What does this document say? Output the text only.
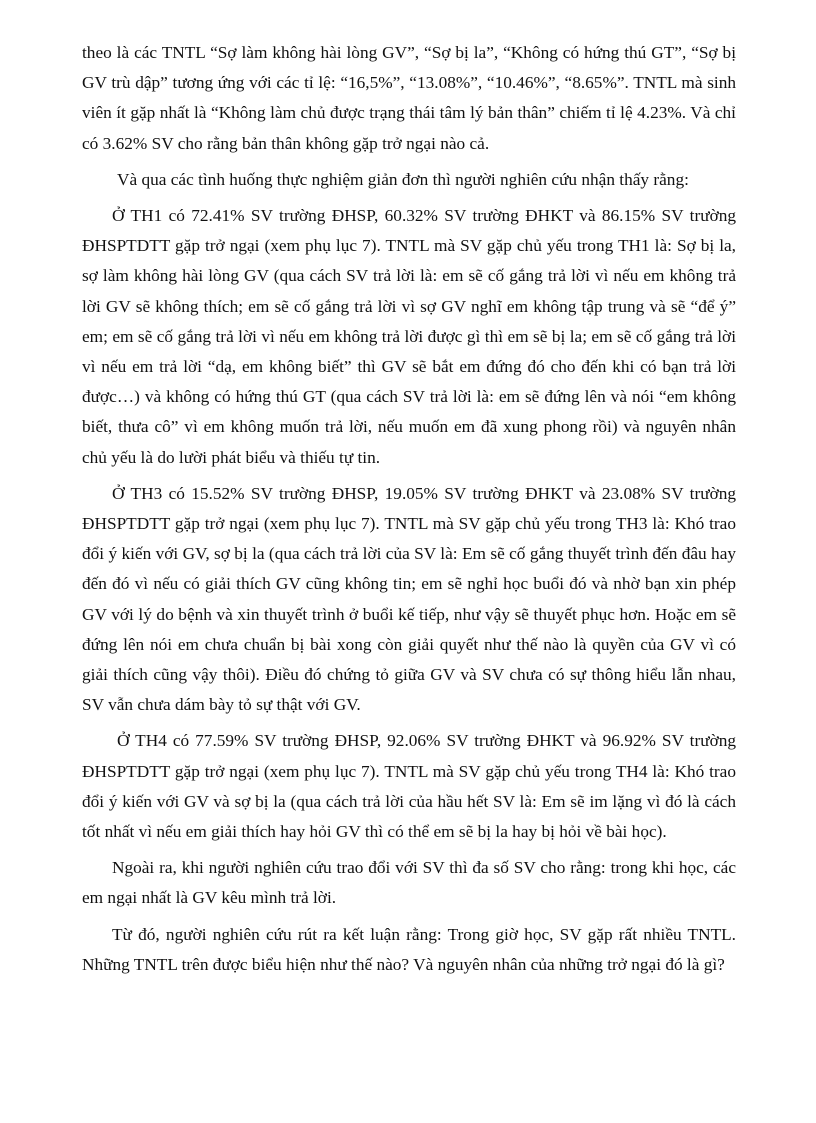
theo là các TNTL “Sợ làm không hài lòng GV”, “Sợ bị la”, “Không có hứng thú GT”, “Sợ bị GV trù dập” tương ứng với các tỉ lệ: “16,5%”, “13.08%”, “10.46%”, “8.65%”. TNTL mà sinh viên ít gặp nhất là “Không làm chủ được trạng thái tâm lý bản thân” chiếm tỉ lệ 4.23%. Và chỉ có 3.62% SV cho rằng bản thân không gặp trở ngại nào cả.

Và qua các tình huống thực nghiệm giản đơn thì người nghiên cứu nhận thấy rằng:

Ở TH1 có 72.41% SV trường ĐHSP, 60.32% SV trường ĐHKT và 86.15% SV trường ĐHSPTDTT gặp trở ngại (xem phụ lục 7). TNTL mà SV gặp chủ yếu trong TH1 là: Sợ bị la, sợ làm không hài lòng GV (qua cách SV trả lời là: em sẽ cố gắng trả lời vì nếu em không trả lời GV sẽ không thích; em sẽ cố gắng trả lời vì sợ GV nghĩ em không tập trung và sẽ “để ý” em; em sẽ cố gắng trả lời vì nếu em không trả lời được gì thì em sẽ bị la; em sẽ cố gắng trả lời vì nếu em trả lời “dạ, em không biết” thì GV sẽ bắt em đứng đó cho đến khi có bạn trả lời được…) và không có hứng thú GT (qua cách SV trả lời là: em sẽ đứng lên và nói “em không biết, thưa cô” vì em không muốn trả lời, nếu muốn em đã xung phong rồi) và nguyên nhân chủ yếu là do lười phát biểu và thiếu tự tin.

Ở TH3 có 15.52% SV trường ĐHSP, 19.05% SV trường ĐHKT và 23.08% SV trường ĐHSPTDTT gặp trở ngại (xem phụ lục 7). TNTL mà SV gặp chủ yếu trong TH3 là: Khó trao đổi ý kiến với GV, sợ bị la (qua cách trả lời của SV là: Em sẽ cố gắng thuyết trình đến đâu hay đến đó vì nếu có giải thích GV cũng không tin; em sẽ nghỉ học buổi đó và nhờ bạn xin phép GV với lý do bệnh và xin thuyết trình ở buổi kế tiếp, như vậy sẽ thuyết phục hơn. Hoặc em sẽ đứng lên nói em chưa chuẩn bị bài xong còn giải quyết như thế nào là quyền của GV vì có giải thích cũng vậy thôi). Điều đó chứng tỏ giữa GV và SV chưa có sự thông hiểu lẫn nhau, SV vẫn chưa dám bày tỏ sự thật với GV.

Ở TH4 có 77.59% SV trường ĐHSP, 92.06% SV trường ĐHKT và 96.92% SV trường ĐHSPTDTT gặp trở ngại (xem phụ lục 7). TNTL mà SV gặp chủ yếu trong TH4 là: Khó trao đổi ý kiến với GV và sợ bị la (qua cách trả lời của hầu hết SV là: Em sẽ im lặng vì đó là cách tốt nhất vì nếu em giải thích hay hỏi GV thì có thể em sẽ bị la hay bị hỏi về bài học).

Ngoài ra, khi người nghiên cứu trao đổi với SV thì đa số SV cho rằng: trong khi học, các em ngại nhất là GV kêu mình trả lời.

Từ đó, người nghiên cứu rút ra kết luận rằng: Trong giờ học, SV gặp rất nhiều TNTL. Những TNTL trên được biểu hiện như thế nào? Và nguyên nhân của những trở ngại đó là gì?
